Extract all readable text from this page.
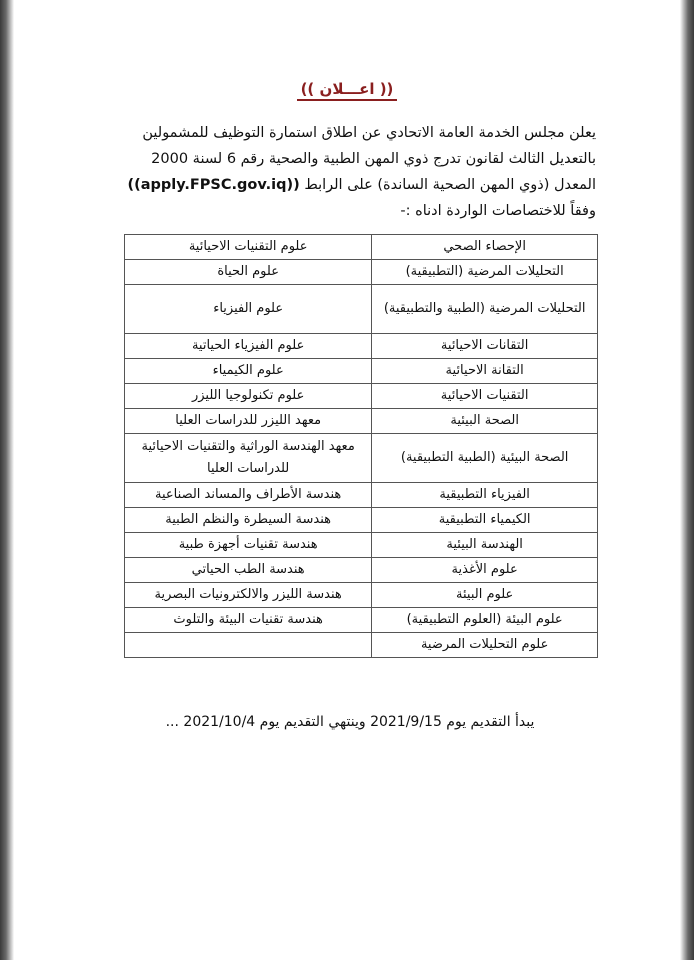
(( اعـــلان ))
يعلن مجلس الخدمة العامة الاتحادي عن اطلاق استمارة التوظيف للمشمولين
بالتعديل الثالث لقانون تدرج ذوي المهن الطبية والصحية رقم 6 لسنة 2000
المعدل (ذوي المهن الصحية الساندة) على الرابط ((apply.FPSC.gov.iq))
وفقاً للاختصاصات الواردة ادناه :-
الإحصاء الصحي	علوم التقنيات الاحيائية
التحليلات المرضية (التطبيقية)	علوم الحياة
التحليلات المرضية (الطبية والتطبيقية)	علوم الفيزياء
التقانات الاحيائية	علوم الفيزياء الحياتية
التقانة الاحيائية	علوم الكيمياء
التقنيات الاحيائية	علوم تكنولوجيا الليزر
الصحة البيئية	معهد الليزر للدراسات العليا
الصحة البيئية (الطبية التطبيقية)	معهد الهندسة الوراثية والتقنيات الاحيائية للدراسات العليا
الفيزياء التطبيقية	هندسة الأطراف والمساند الصناعية
الكيمياء التطبيقية	هندسة السيطرة والنظم الطبية
الهندسة البيئية	هندسة تقنيات أجهزة طبية
علوم الأغذية	هندسة الطب الحياتي
علوم البيئة	هندسة الليزر والالكترونيات البصرية
علوم البيئة (العلوم التطبيقية)	هندسة تقنيات البيئة والتلوث
علوم التحليلات المرضية	
يبدأ التقديم يوم 2021/9/15 وينتهي التقديم يوم 2021/10/4 ...
